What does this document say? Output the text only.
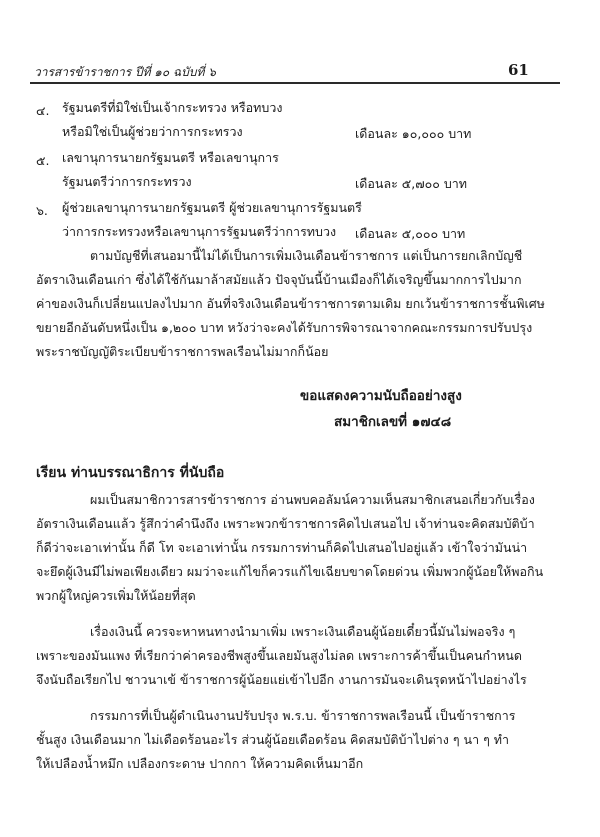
วารสารข้าราชการ ปีที่ ๑๐ ฉบับที่ ๖	61
๔. รัฐมนตรีที่มิใช่เป็นเจ้ากระทรวง หรือทบวง
หรือมิใช่เป็นผู้ช่วยว่าการกระทรวง	เดือนละ ๑๐,๐๐๐ บาท
๕. เลขานุการนายกรัฐมนตรี หรือเลขานุการ
รัฐมนตรีว่าการกระทรวง	เดือนละ ๕,๗๐๐ บาท
๖. ผู้ช่วยเลขานุการนายกรัฐมนตรี ผู้ช่วยเลขานุการรัฐมนตรี
ว่าการกระทรวงหรือเลขานุการรัฐมนตรีว่าการทบวง เดือนละ ๕,๐๐๐ บาท
ตามบัญชีที่เสนอมานี้ไม่ได้เป็นการเพิ่มเงินเดือนข้าราชการ แต่เป็นการยกเลิกบัญชี
อัตราเงินเดือนเก่า ซึ่งได้ใช้กันมาล้าสมัยแล้ว ปัจจุบันนี้บ้านเมืองก็ได้เจริญขึ้นมากการไปมาก
ค่าของเงินก็เปลี่ยนแปลงไปมาก อันที่จริงเงินเดือนข้าราชการตามเดิม ยกเว้นข้าราชการชั้นพิเศษ
ขยายอีกอันดับหนึ่งเป็น ๑,๒๐๐ บาท หวังว่าจะคงได้รับการพิจารณาจากคณะกรรมการปรับปรุง
พระราชบัญญัติระเบียบข้าราชการพลเรือนไม่มากก็น้อย
ขอแสดงความนับถืออย่างสูง
สมาชิกเลขที่ ๑๗๔๘
เรียน ท่านบรรณาธิการ ที่นับถือ
ผมเป็นสมาชิกวารสารข้าราชการ อ่านพบคอลัมน์ความเห็นสมาชิกเสนอเกี่ยวกับเรื่อง
อัตราเงินเดือนแล้ว รู้สึกว่าคำนึงถึง เพราะพวกข้าราชการคิดไปเสนอไป เจ้าท่านจะคิดสมบัติบ้า
ก็ดีว่าจะเอาเท่านั้น ก็ดี โท จะเอาเท่านั้น กรรมการท่านก็คิดไปเสนอไปอยู่แล้ว เข้าใจว่ามันน่า
จะยึดผู้เงินมีไม่พอเพียงเดียว ผมว่าจะแก้ไขก็ควรแก้ไขเฉียบขาดโดยด่วน เพิ่มพวกผู้น้อยให้พอกิน
พวกผู้ใหญ่ควรเพิ่มให้น้อยที่สุด
เรื่องเงินนี้ ควรจะหาหนทางนำมาเพิ่ม เพราะเงินเดือนผู้น้อยเดี๋ยวนี้มันไม่พอจริง ๆ
เพราะของมันแพง ที่เรียกว่าค่าครองชีพสูงขึ้นเลยมันสูงไม่ลด เพราะการค้าขึ้นเป็นคนกำหนด
จึงนับถือเรียกไป ชาวนาเข้ ข้าราชการผู้น้อยแย่เข้าไปอีก งานการมันจะเดินรุดหน้าไปอย่างไร
กรรมการที่เป็นผู้ดำเนินงานปรับปรุง พ.ร.บ. ข้าราชการพลเรือนนี้ เป็นข้าราชการ
ชั้นสูง เงินเดือนมาก ไม่เดือดร้อนอะไร ส่วนผู้น้อยเดือดร้อน คิดสมบัติบ้าไปต่าง ๆ นา ๆ ทำ
ให้เปลืองน้ำหมึก เปลืองกระดาษ ปากกา ให้ความคิดเห็นมาอีก
